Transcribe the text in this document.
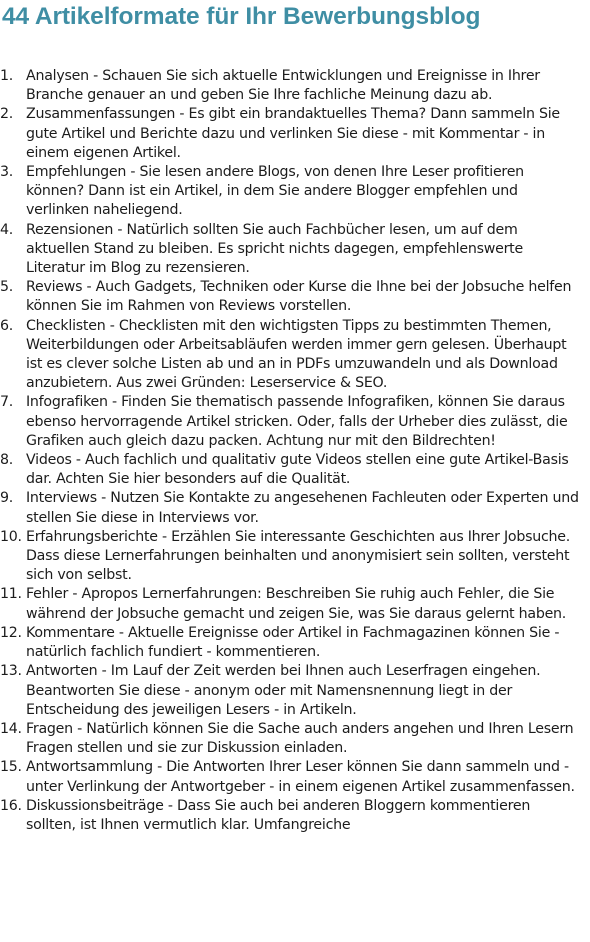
44 Artikelformate für Ihr Bewerbungsblog
1. Analysen - Schauen Sie sich aktuelle Entwicklungen und Ereignisse in Ihrer Branche genauer an und geben Sie Ihre fachliche Meinung dazu ab.
2. Zusammenfassungen - Es gibt ein brandaktuelles Thema? Dann sammeln Sie gute Artikel und Berichte dazu und verlinken Sie diese - mit Kommentar - in einem eigenen Artikel.
3. Empfehlungen - Sie lesen andere Blogs, von denen Ihre Leser profitieren können? Dann ist ein Artikel, in dem Sie andere Blogger empfehlen und verlinken naheliegend.
4. Rezensionen - Natürlich sollten Sie auch Fachbücher lesen, um auf dem aktuellen Stand zu bleiben. Es spricht nichts dagegen, empfehlenswerte Literatur im Blog zu rezensieren.
5. Reviews - Auch Gadgets, Techniken oder Kurse die Ihne bei der Jobsuche helfen können Sie im Rahmen von Reviews vorstellen.
6. Checklisten - Checklisten mit den wichtigsten Tipps zu bestimmten Themen, Weiterbildungen oder Arbeitsabläufen werden immer gern gelesen. Überhaupt ist es clever solche Listen ab und an in PDFs umzuwandeln und als Download anzubietern. Aus zwei Gründen: Leserservice & SEO.
7. Infografiken - Finden Sie thematisch passende Infografiken, können Sie daraus ebenso hervorragende Artikel stricken. Oder, falls der Urheber dies zulässt, die Grafiken auch gleich dazu packen. Achtung nur mit den Bildrechten!
8. Videos - Auch fachlich und qualitativ gute Videos stellen eine gute Artikel-Basis dar. Achten Sie hier besonders auf die Qualität.
9. Interviews - Nutzen Sie Kontakte zu angesehenen Fachleuten oder Experten und stellen Sie diese in Interviews vor.
10. Erfahrungsberichte - Erzählen Sie interessante Geschichten aus Ihrer Jobsuche. Dass diese Lernerfahrungen beinhalten und anonymisiert sein sollten, versteht sich von selbst.
11. Fehler - Apropos Lernerfahrungen: Beschreiben Sie ruhig auch Fehler, die Sie während der Jobsuche gemacht und zeigen Sie, was Sie daraus gelernt haben.
12. Kommentare - Aktuelle Ereignisse oder Artikel in Fachmagazinen können Sie - natürlich fachlich fundiert - kommentieren.
13. Antworten - Im Lauf der Zeit werden bei Ihnen auch Leserfragen eingehen. Beantworten Sie diese - anonym oder mit Namensnennung liegt in der Entscheidung des jeweiligen Lesers - in Artikeln.
14. Fragen - Natürlich können Sie die Sache auch anders angehen und Ihren Lesern Fragen stellen und sie zur Diskussion einladen.
15. Antwortsammlung - Die Antworten Ihrer Leser können Sie dann sammeln und - unter Verlinkung der Antwortgeber - in einem eigenen Artikel zusammenfassen.
16. Diskussionsbeiträge - Dass Sie auch bei anderen Bloggern kommentieren sollten, ist Ihnen vermutlich klar. Umfangreiche
